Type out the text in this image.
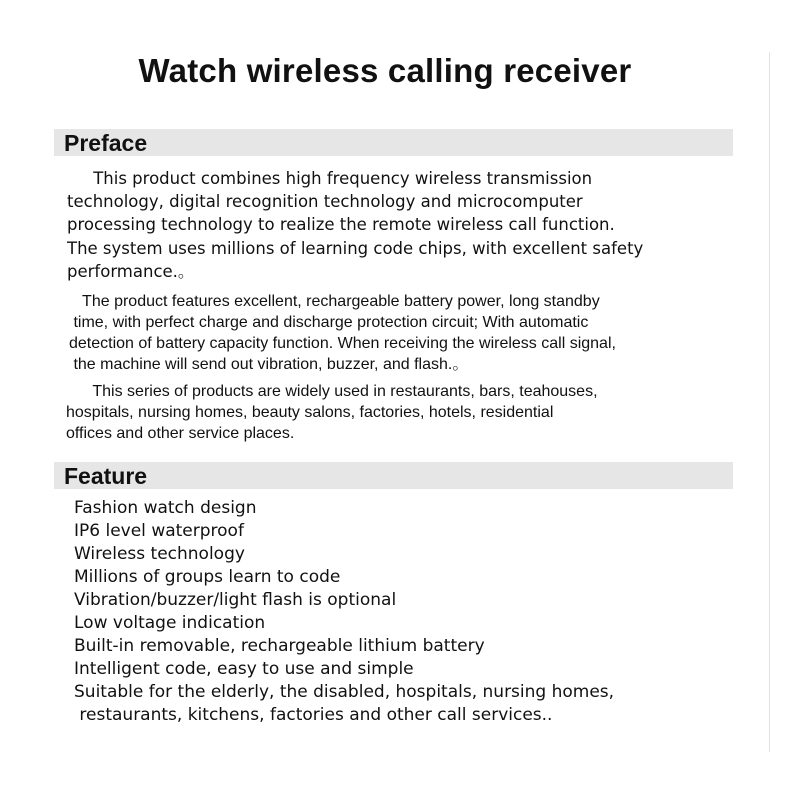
Watch wireless calling receiver
Preface

This product combines high frequency wireless transmission
technology, digital recognition technology and microcomputer
processing technology to realize the remote wireless call function.
The system uses millions of learning code chips, with excellent safety
performance.。

The product features excellent, rechargeable battery power, long standby
time, with perfect charge and discharge protection circuit; With automatic
detection of battery capacity function. When receiving the wireless call signal,
the machine will send out vibration, buzzer, and flash.。

This series of products are widely used in restaurants, bars, teahouses,
hospitals, nursing homes, beauty salons, factories, hotels, residential
offices and other service places.

Feature
Fashion watch design
IP6 level waterproof
Wireless technology
Millions of groups learn to code
Vibration/buzzer/light flash is optional
Low voltage indication
Built-in removable, rechargeable lithium battery
Intelligent code, easy to use and simple
Suitable for the elderly, the disabled, hospitals, nursing homes,
restaurants, kitchens, factories and other call services..
